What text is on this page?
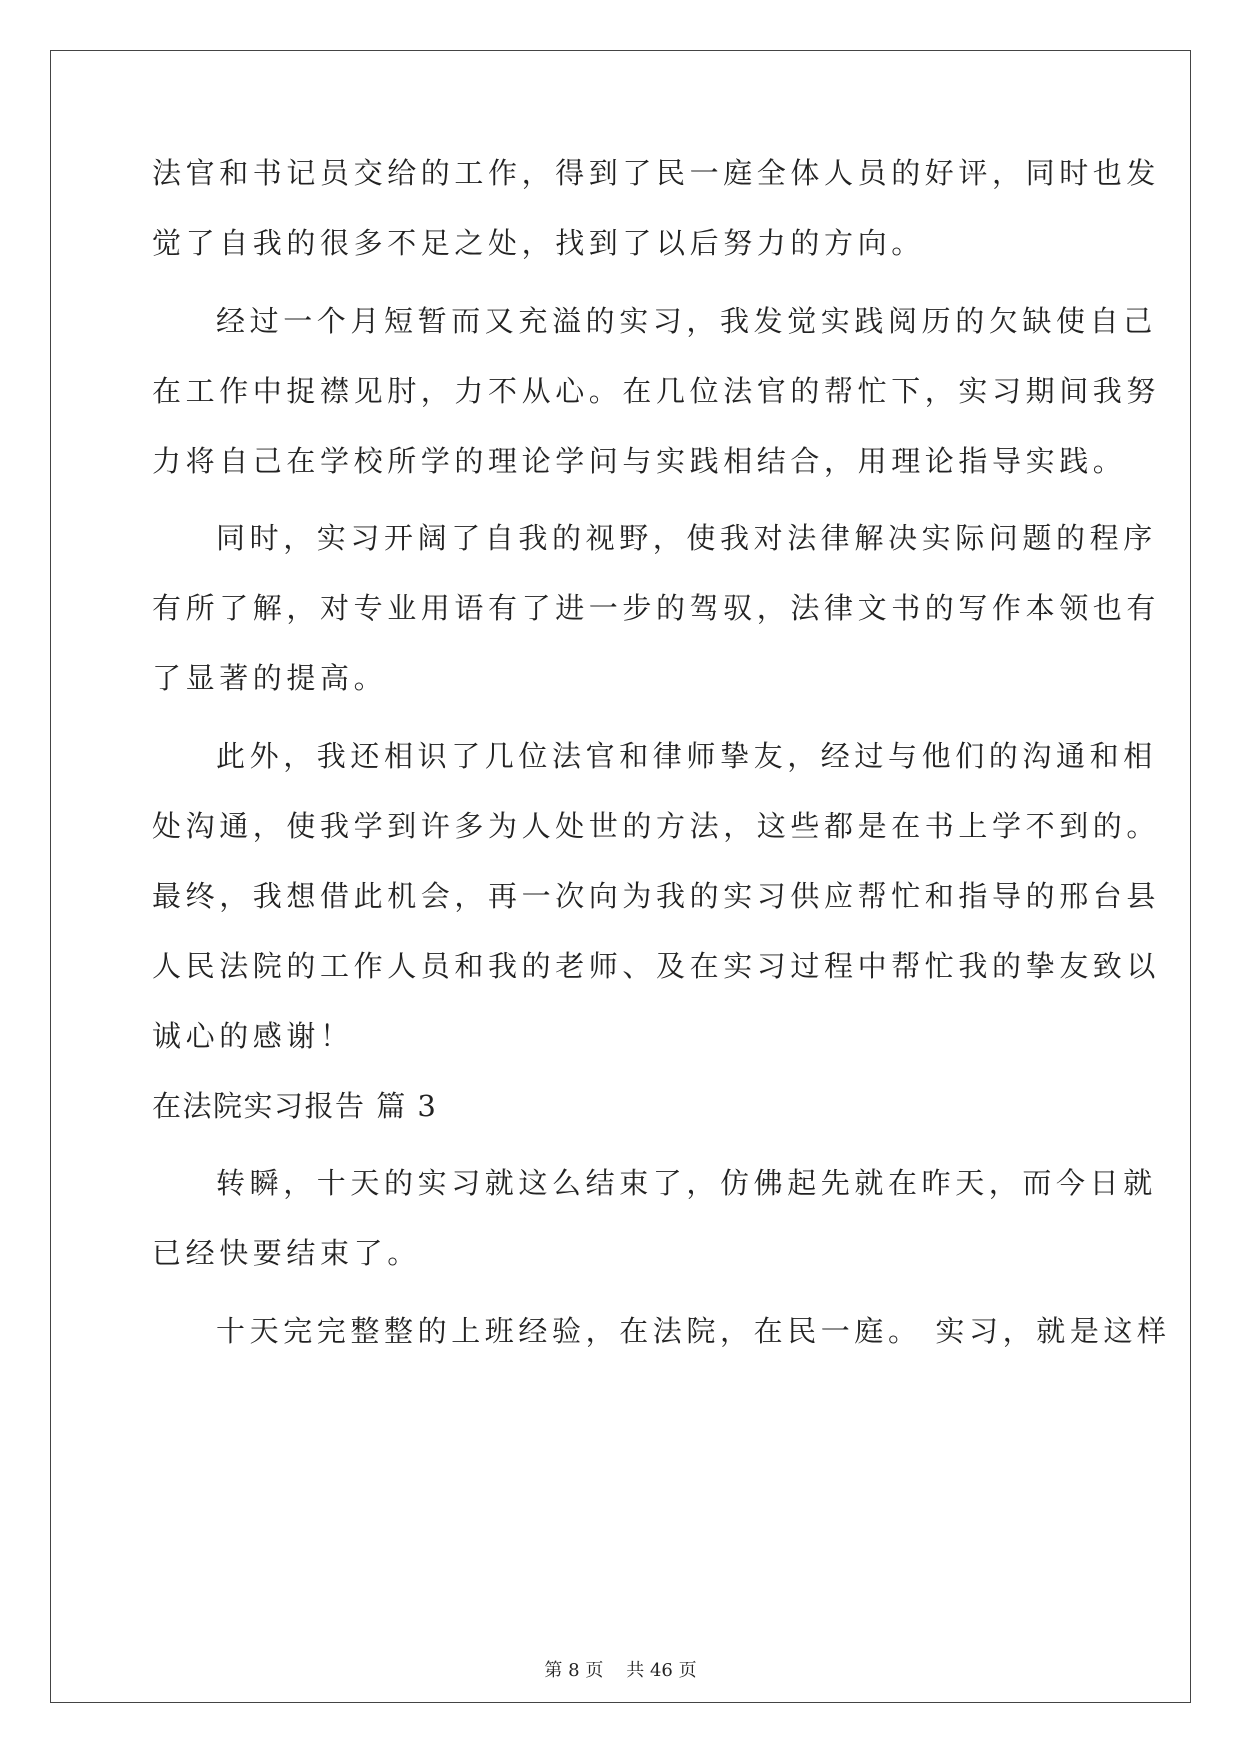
法官和书记员交给的工作，得到了民一庭全体人员的好评，同时也发
觉了自我的很多不足之处，找到了以后努力的方向。
经过一个月短暂而又充溢的实习，我发觉实践阅历的欠缺使自己
在工作中捉襟见肘，力不从心。在几位法官的帮忙下，实习期间我努
力将自己在学校所学的理论学问与实践相结合，用理论指导实践。
同时，实习开阔了自我的视野，使我对法律解决实际问题的程序
有所了解，对专业用语有了进一步的驾驭，法律文书的写作本领也有
了显著的提高。
此外，我还相识了几位法官和律师挚友，经过与他们的沟通和相
处沟通，使我学到许多为人处世的方法，这些都是在书上学不到的。
最终，我想借此机会，再一次向为我的实习供应帮忙和指导的邢台县
人民法院的工作人员和我的老师、及在实习过程中帮忙我的挚友致以
诚心的感谢！
在法院实习报告 篇 3
转瞬，十天的实习就这么结束了，仿佛起先就在昨天，而今日就
已经快要结束了。
十天完完整整的上班经验，在法院，在民一庭。 实习，就是这样
第 8 页 共 46 页
